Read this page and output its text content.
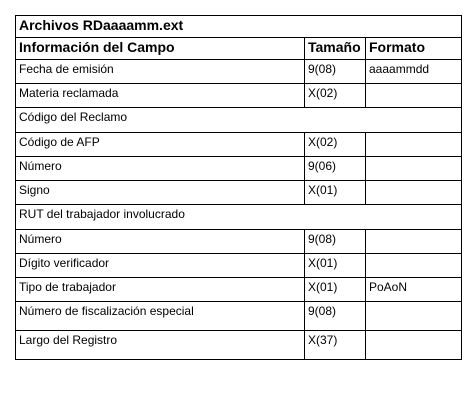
Archivos RDaaaamm.ext		
Información del Campo	Tamaño	Formato
Fecha de emisión	9(08)	aaaammdd
Materia reclamada	X(02)	
Código del Reclamo		
Código de AFP	X(02)	
Número	9(06)	
Signo	X(01)	
RUT del trabajador involucrado		
Número	9(08)	
Dígito verificador	X(01)	
Tipo de trabajador	X(01)	PoAoN
Número de fiscalización especial	9(08)	
Largo del Registro	X(37)	
